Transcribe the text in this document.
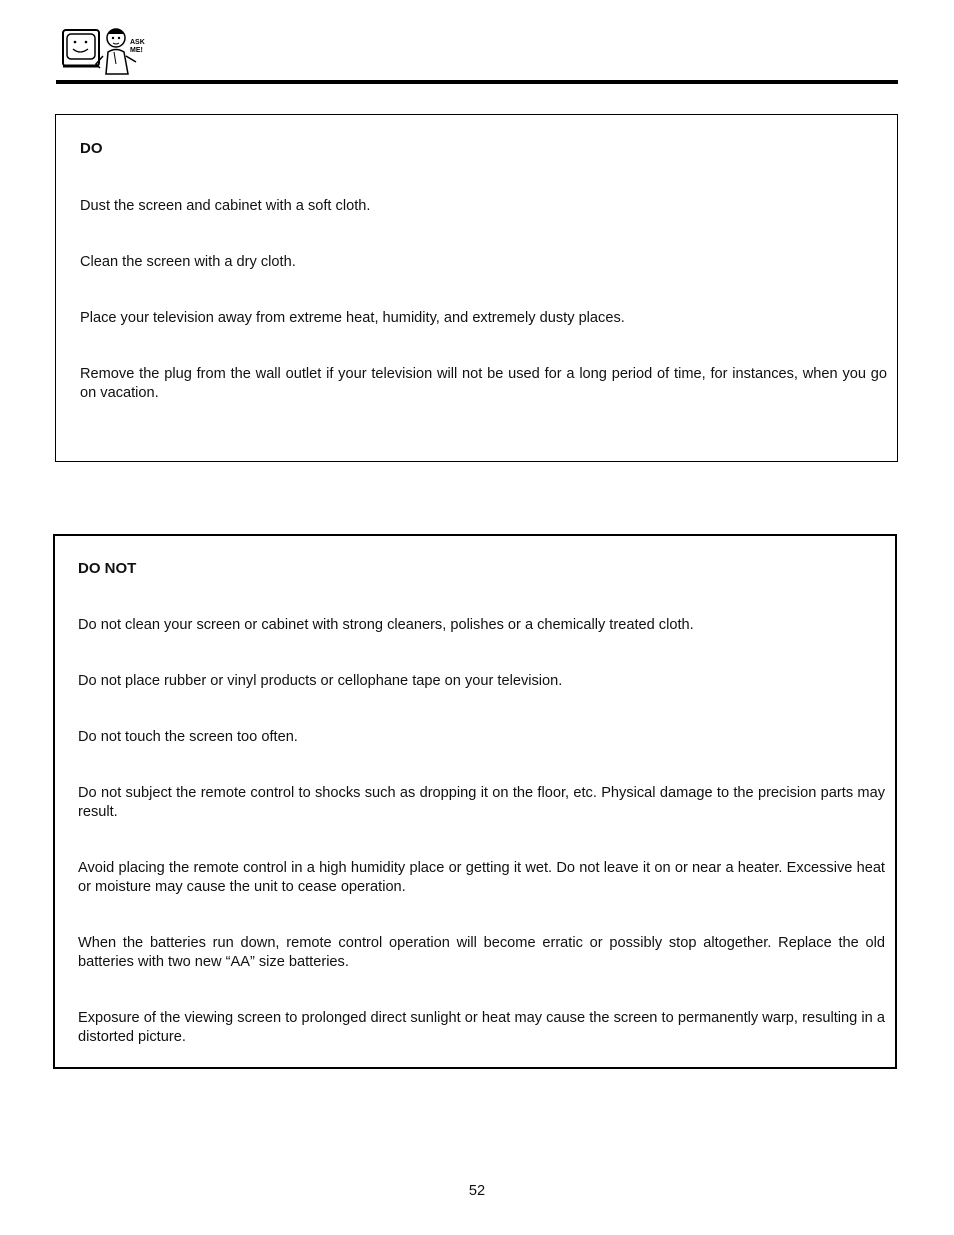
ASK
ME!
DO

Dust the screen and cabinet with a soft cloth.

Clean the screen with a dry cloth.

Place your television away from extreme heat, humidity, and extremely dusty places.

Remove the plug from the wall outlet if your television will not be used for a long period of time, for instances, when you go on vacation.

DO NOT

Do not clean your screen or cabinet with strong cleaners, polishes or a chemically treated cloth.

Do not place rubber or vinyl products or cellophane tape on your television.

Do not touch the screen too often.

Do not subject the remote control to shocks such as dropping it on the floor, etc. Physical damage to the precision parts may result.

Avoid placing the remote control in a high humidity place or getting it wet. Do not leave it on or near a heater. Excessive heat or moisture may cause the unit to cease operation.

When the batteries run down, remote control operation will become erratic or possibly stop altogether. Replace the old batteries with two new “AA” size batteries.

Exposure of the viewing screen to prolonged direct sunlight or heat may cause the screen to permanently warp, resulting in a distorted picture.

52
